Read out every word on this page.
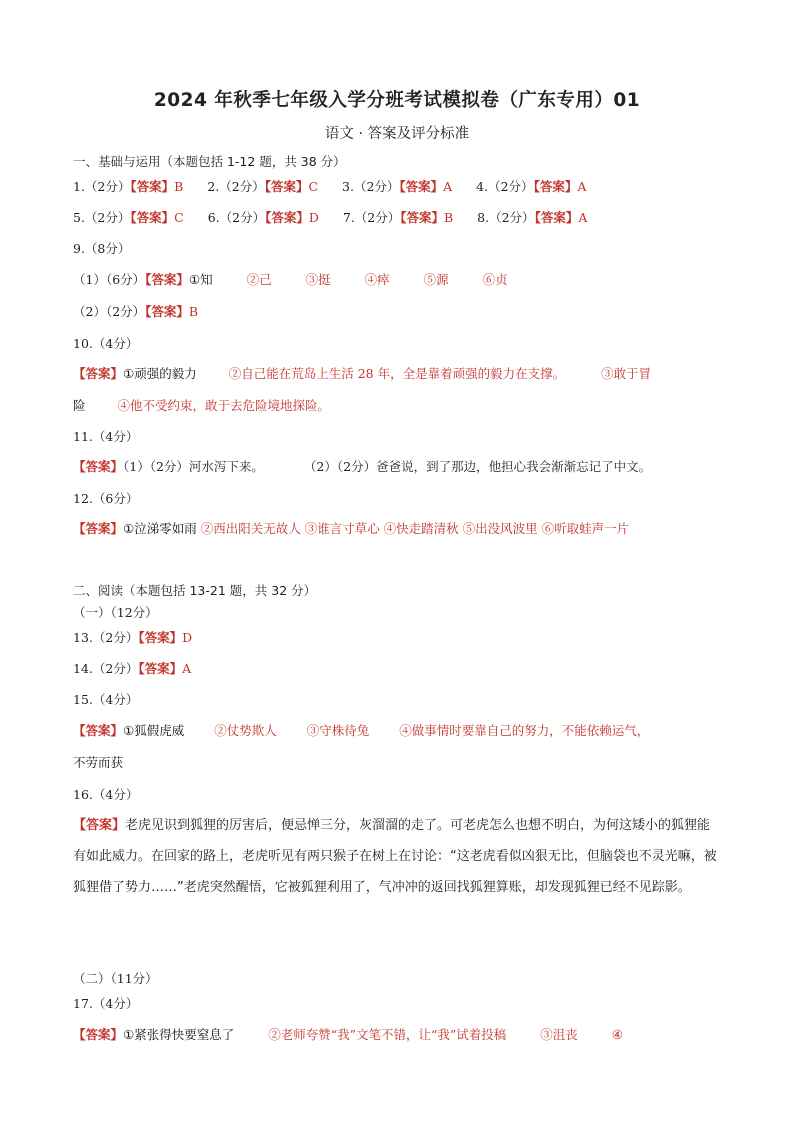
2024 年秋季七年级入学分班考试模拟卷（广东专用）01
语文 · 答案及评分标准
一、基础与运用（本题包括 1-12 题，共 38 分）
1.（2分）【答案】B 2.（2分）【答案】C 3.（2分）【答案】A 4.（2分）【答案】A
5.（2分）【答案】C 6.（2分）【答案】D 7.（2分）【答案】B 8.（2分）【答案】A
9.（8分）
（1）（6分）【答案】①知	②己	③挺	④瘁	⑤源	⑥贞
（2）（2分）【答案】B
10.（4分）
【答案】①顽强的毅力	②自己能在荒岛上生活 28 年，全是靠着顽强的毅力在支撑。	③敢于冒
险	④他不受约束，敢于去危险境地探险。
11.（4分）
【答案】（1）（2分）河水泻下来。	（2）（2分）爸爸说，到了那边，他担心我会渐渐忘记了中文。
12.（6分）
【答案】①泣涕零如雨 ②西出阳关无故人 ③谁言寸草心 ④快走踏清秋 ⑤出没风波里 ⑥听取蛙声一片
二、阅读（本题包括 13-21 题，共 32 分）
（一）（12分）
13.（2分）【答案】D
14.（2分）【答案】A
15.（4分）
【答案】①狐假虎威 ②仗势欺人 ③守株待兔 ④做事情时要靠自己的努力，不能依赖运气，
不劳而获
16.（4分）
【答案】老虎见识到狐狸的厉害后，便忌惮三分，灰溜溜的走了。可老虎怎么也想不明白，为何这矮小的狐狸能有如此威力。在回家的路上，老虎听见有两只猴子在树上在讨论：“这老虎看似凶狠无比，但脑袋也不灵光嘛，被狐狸借了势力……”老虎突然醒悟，它被狐狸利用了，气冲冲的返回找狐狸算账，却发现狐狸已经不见踪影。
（二）（11分）
17.（4分）
【答案】①紧张得快要窒息了	②老师夸赞“我”文笔不错，让“我”试着投稿	③沮丧	④
